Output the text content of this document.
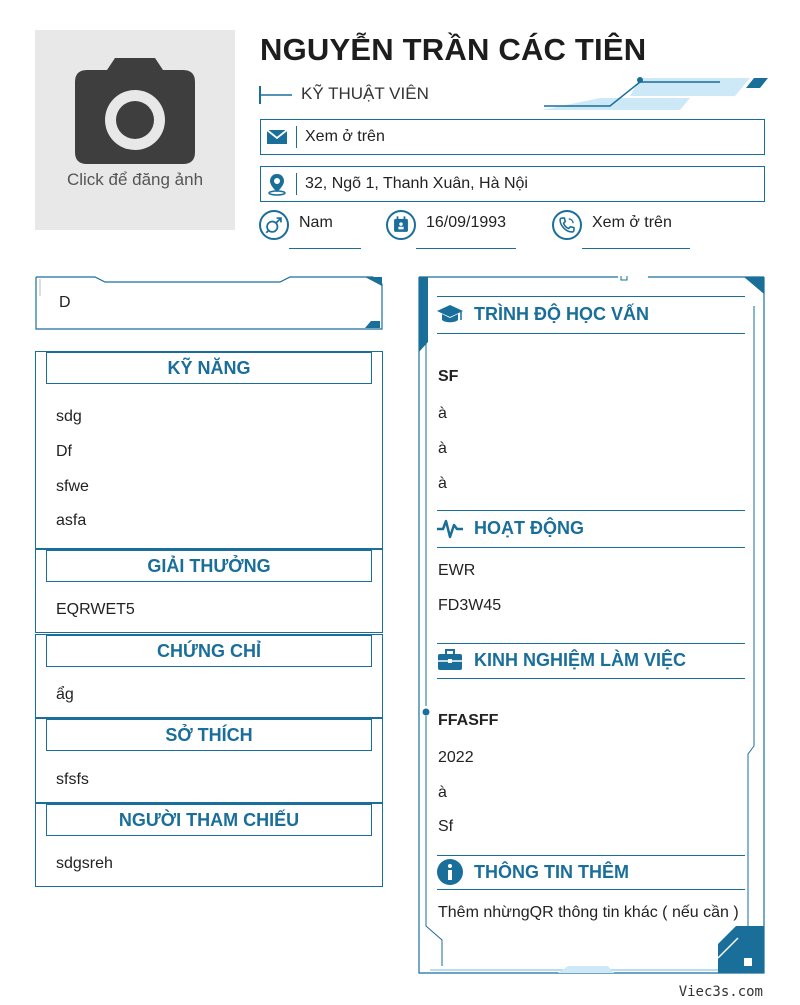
Click để đăng ảnh
NGUYỄN TRẦN CÁC TIÊN
KỸ THUẬT VIÊN
Xem ở trên
32, Ngõ 1, Thanh Xuân, Hà Nội
Nam	16/09/1993	Xem ở trên
D
KỸ NĂNG
sdg
Df
sfwe
asfa
GIẢI THƯỞNG
EQRWET5
CHỨNG CHỈ
ẩg
SỞ THÍCH
sfsfs
NGƯỜI THAM CHIẾU
sdgsreh
TRÌNH ĐỘ HỌC VẤN
SF
à
à
à
HOẠT ĐỘNG
EWR
FD3W45
KINH NGHIỆM LÀM VIỆC
FFASFF
2022
à
Sf
THÔNG TIN THÊM
Thêm nhừngQR thông tin khác ( nếu cần )
Viec3s.com
